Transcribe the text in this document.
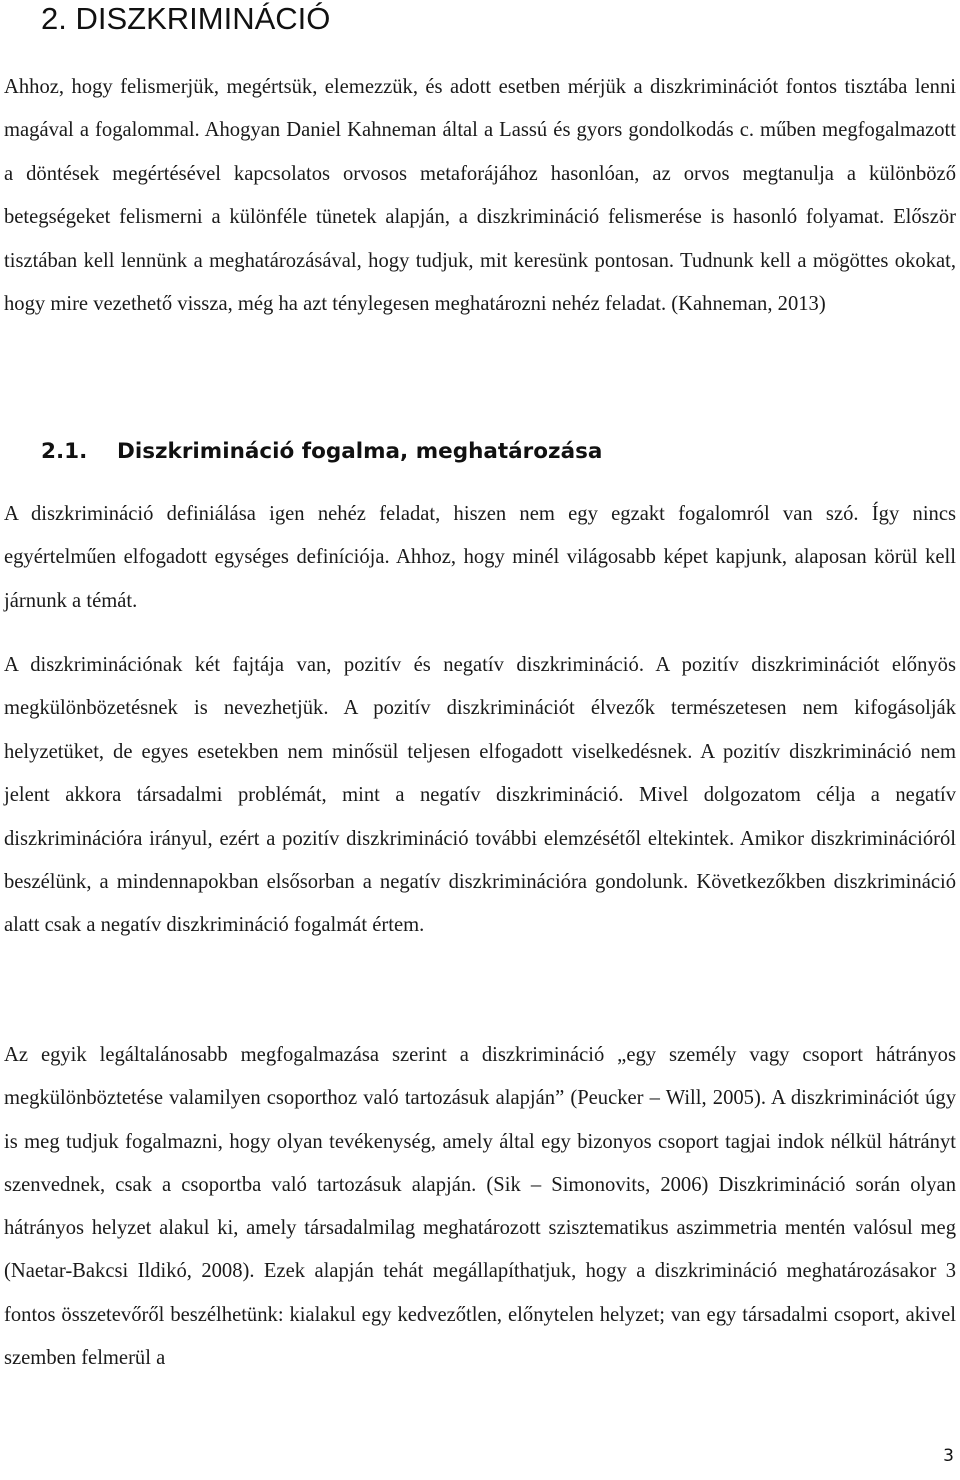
2. DISZKRIMINÁCIÓ

Ahhoz, hogy felismerjük, megértsük, elemezzük, és adott esetben mérjük a diszkriminációt fontos tisztába lenni magával a fogalommal. Ahogyan Daniel Kahneman által a Lassú és gyors gondolkodás c. műben megfogalmazott a döntések megértésével kapcsolatos orvosos metaforájához hasonlóan, az orvos megtanulja a különböző betegségeket felismerni a különféle tünetek alapján, a diszkrimináció felismerése is hasonló folyamat. Először tisztában kell lennünk a meghatározásával, hogy tudjuk, mit keresünk pontosan. Tudnunk kell a mögöttes okokat, hogy mire vezethető vissza, még ha azt ténylegesen meghatározni nehéz feladat. (Kahneman, 2013)

2.1. Diszkrimináció fogalma, meghatározása

A diszkrimináció definiálása igen nehéz feladat, hiszen nem egy egzakt fogalomról van szó. Így nincs egyértelműen elfogadott egységes definíciója. Ahhoz, hogy minél világosabb képet kapjunk, alaposan körül kell járnunk a témát.

A diszkriminációnak két fajtája van, pozitív és negatív diszkrimináció. A pozitív diszkriminációt előnyös megkülönbözetésnek is nevezhetjük. A pozitív diszkriminációt élvezők természetesen nem kifogásolják helyzetüket, de egyes esetekben nem minősül teljesen elfogadott viselkedésnek. A pozitív diszkrimináció nem jelent akkora társadalmi problémát, mint a negatív diszkrimináció. Mivel dolgozatom célja a negatív diszkriminációra irányul, ezért a pozitív diszkrimináció további elemzésétől eltekintek. Amikor diszkriminációról beszélünk, a mindennapokban elsősorban a negatív diszkriminációra gondolunk. Következőkben diszkrimináció alatt csak a negatív diszkrimináció fogalmát értem.

Az egyik legáltalánosabb megfogalmazása szerint a diszkrimináció „egy személy vagy csoport hátrányos megkülönböztetése valamilyen csoporthoz való tartozásuk alapján” (Peucker – Will, 2005). A diszkriminációt úgy is meg tudjuk fogalmazni, hogy olyan tevékenység, amely által egy bizonyos csoport tagjai indok nélkül hátrányt szenvednek, csak a csoportba való tartozásuk alapján. (Sik – Simonovits, 2006) Diszkrimináció során olyan hátrányos helyzet alakul ki, amely társadalmilag meghatározott szisztematikus aszimmetria mentén valósul meg (Naetar-Bakcsi Ildikó, 2008). Ezek alapján tehát megállapíthatjuk, hogy a diszkrimináció meghatározásakor 3 fontos összetevőről beszélhetünk: kialakul egy kedvezőtlen, előnytelen helyzet; van egy társadalmi csoport, akivel szemben felmerül a

3
